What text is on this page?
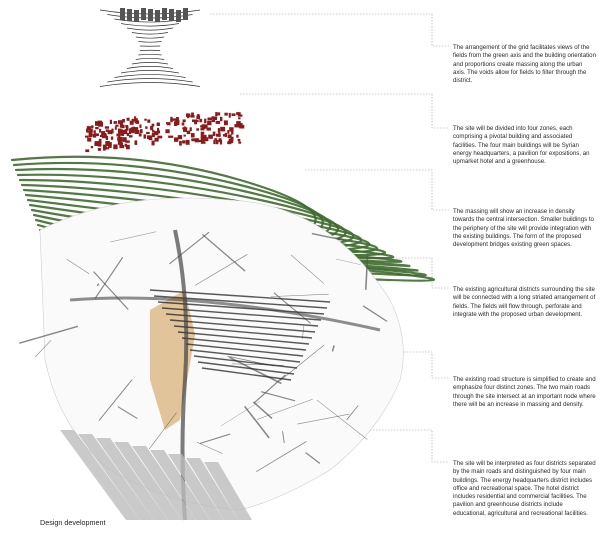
The arrangement of the grid facilitates views of the fields from the green axis and the building orientation and proportions create massing along the urban axis. The voids allow for fields to filter through the district.
The site will be divided into four zones, each comprising a pivotal building and associated facilities. The four main buildings will be Syrian energy headquarters, a pavilion for expositions, an upmarket hotel and a greenhouse.
The massing will show an increase in density towards the central intersection. Smaller buildings to the periphery of the site will provide integration with the existing buildings. The form of the proposed development bridges existing green spaces.
The existing agricultural districts surrounding the site will be connected with a long striated arrangement of fields. The fields will flow through, perforate and integrate with the proposed urban development.
The existing road structure is simplified to create and emphasize four distinct zones. The two main roads through the site intersect at an important node where there will be an increase in massing and density.
The site will be interpreted as four districts separated by the main roads and distinguished by four main buildings. The energy headquarters district includes office and recreational space. The hotel district includes residential and commercial facilities. The pavilion and greenhouse districts include educational, agricultural and recreational facilities.
Design development
